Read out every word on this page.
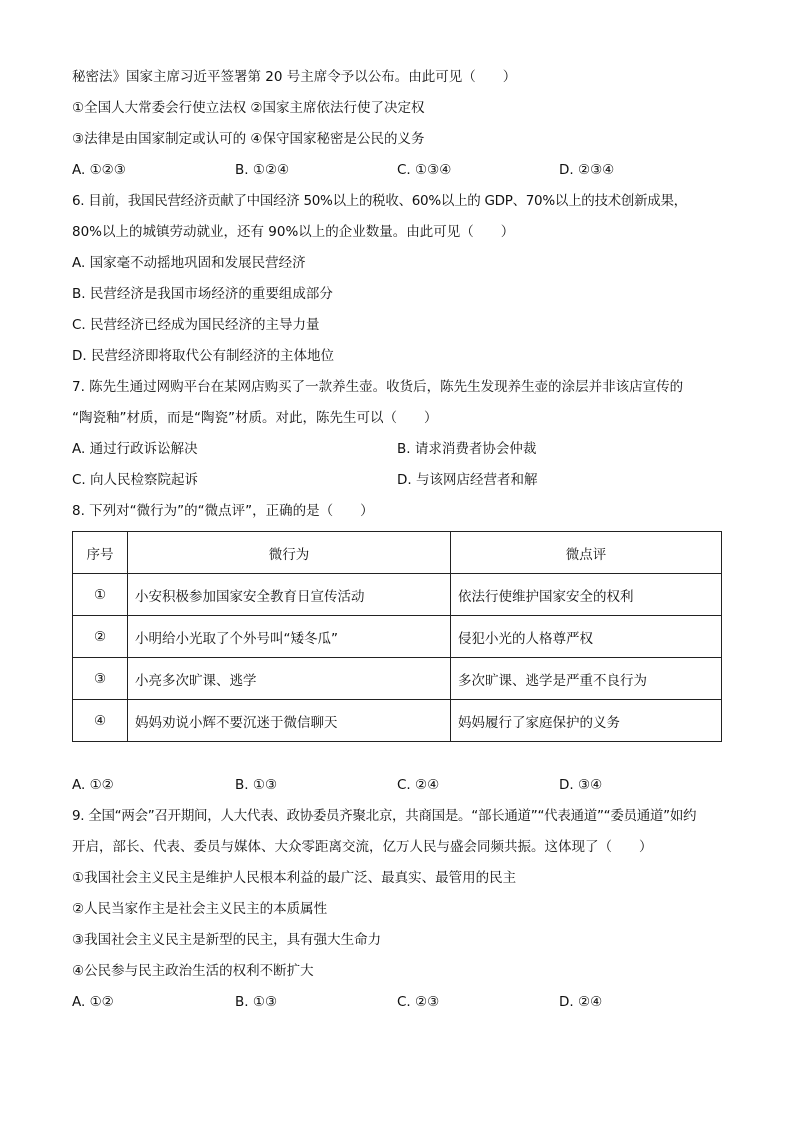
秘密法》国家主席习近平签署第 20 号主席令予以公布。由此可见（　　）
①全国人大常委会行使立法权 ②国家主席依法行使了决定权
③法律是由国家制定或认可的 ④保守国家秘密是公民的义务
A. ①②③	B. ①②④	C. ①③④	D. ②③④
6. 目前，我国民营经济贡献了中国经济 50%以上的税收、60%以上的 GDP、70%以上的技术创新成果，
80%以上的城镇劳动就业，还有 90%以上的企业数量。由此可见（　　）
A. 国家毫不动摇地巩固和发展民营经济
B. 民营经济是我国市场经济的重要组成部分
C. 民营经济已经成为国民经济的主导力量
D. 民营经济即将取代公有制经济的主体地位
7. 陈先生通过网购平台在某网店购买了一款养生壶。收货后，陈先生发现养生壶的涂层并非该店宣传的
“陶瓷釉”材质，而是“陶瓷”材质。对此，陈先生可以（　　）
A. 通过行政诉讼解决	B. 请求消费者协会仲裁
C. 向人民检察院起诉	D. 与该网店经营者和解
8. 下列对“微行为”的“微点评”，正确的是（　　）
序号	微行为	微点评
①	小安积极参加国家安全教育日宣传活动	依法行使维护国家安全的权利
②	小明给小光取了个外号叫“矮冬瓜”	侵犯小光的人格尊严权
③	小亮多次旷课、逃学	多次旷课、逃学是严重不良行为
④	妈妈劝说小辉不要沉迷于微信聊天	妈妈履行了家庭保护的义务
A. ①②	B. ①③	C. ②④	D. ③④
9. 全国“两会”召开期间，人大代表、政协委员齐聚北京，共商国是。“部长通道”“代表通道”“委员通道”如约
开启，部长、代表、委员与媒体、大众零距离交流，亿万人民与盛会同频共振。这体现了（　　）
①我国社会主义民主是维护人民根本利益的最广泛、最真实、最管用的民主
②人民当家作主是社会主义民主的本质属性
③我国社会主义民主是新型的民主，具有强大生命力
④公民参与民主政治生活的权利不断扩大
A. ①②	B. ①③	C. ②③	D. ②④
